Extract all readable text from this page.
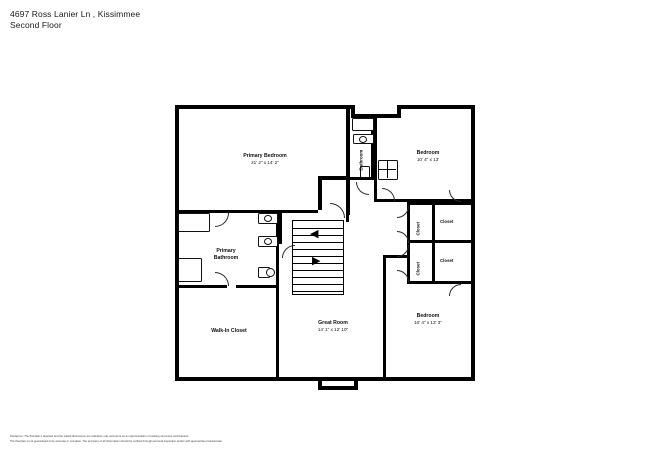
4697 Ross Lanier Ln , Kissimmee
Second Floor
◀
▶
Primary Bedroom
21' 2" x 14' 2"
Bedroom
10' 4" x 13'
Bedroom
10' 4" x 13' 3"
Great Room
14' 1" x 12' 10"
Primary
Bathroom
Walk-In Closet
Bathroom
Closet
Closet
Closet
Closet
Disclaimer: The floorplan's depicted and the stated dimensions are indicative only and serve as an approximation of existing structures and features.
The floorplan is not guaranteed to be accurate or complete. The accuracy of all information should be verified through personal inspection and/or with appropriate professionals.
